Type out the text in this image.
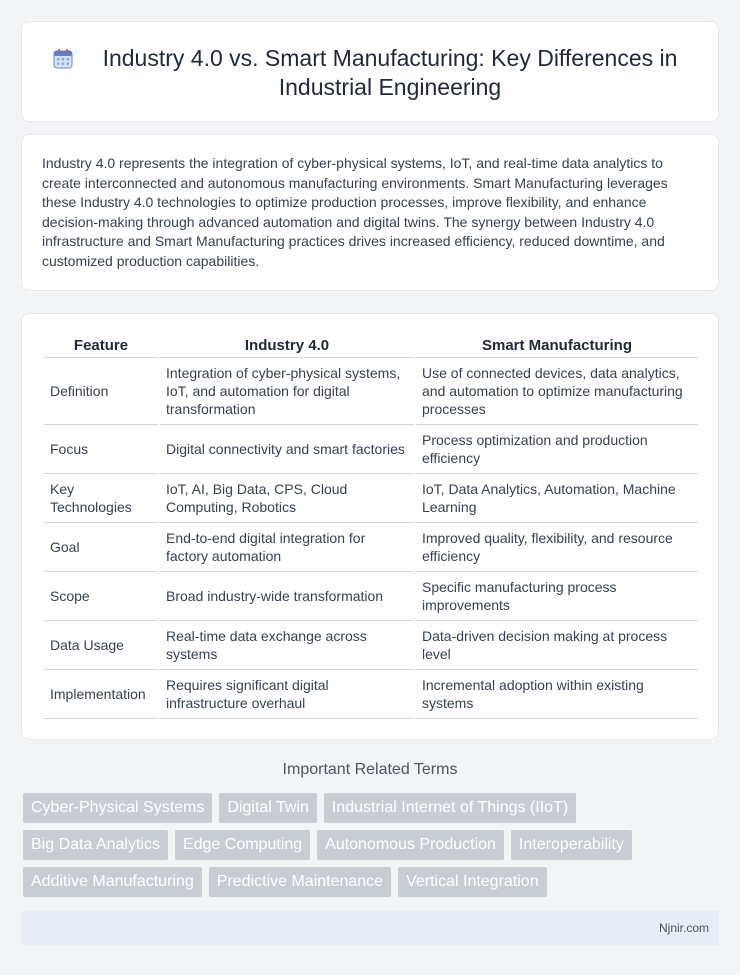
Industry 4.0 vs. Smart Manufacturing: Key Differences in Industrial Engineering

Industry 4.0 represents the integration of cyber-physical systems, IoT, and real-time data analytics to create interconnected and autonomous manufacturing environments. Smart Manufacturing leverages these Industry 4.0 technologies to optimize production processes, improve flexibility, and enhance decision-making through advanced automation and digital twins. The synergy between Industry 4.0 infrastructure and Smart Manufacturing practices drives increased efficiency, reduced downtime, and customized production capabilities.

Feature	Industry 4.0	Smart Manufacturing
Definition	Integration of cyber-physical systems, IoT, and automation for digital transformation	Use of connected devices, data analytics, and automation to optimize manufacturing processes
Focus	Digital connectivity and smart factories	Process optimization and production efficiency
Key Technologies	IoT, AI, Big Data, CPS, Cloud Computing, Robotics	IoT, Data Analytics, Automation, Machine Learning
Goal	End-to-end digital integration for factory automation	Improved quality, flexibility, and resource efficiency
Scope	Broad industry-wide transformation	Specific manufacturing process improvements
Data Usage	Real-time data exchange across systems	Data-driven decision making at process level
Implementation	Requires significant digital infrastructure overhaul	Incremental adoption within existing systems
Important Related Terms
Cyber-Physical Systems	Digital Twin	Industrial Internet of Things (IIoT)
Big Data Analytics	Edge Computing	Autonomous Production	Interoperability
Additive Manufacturing	Predictive Maintenance	Vertical Integration
Njnir.com
